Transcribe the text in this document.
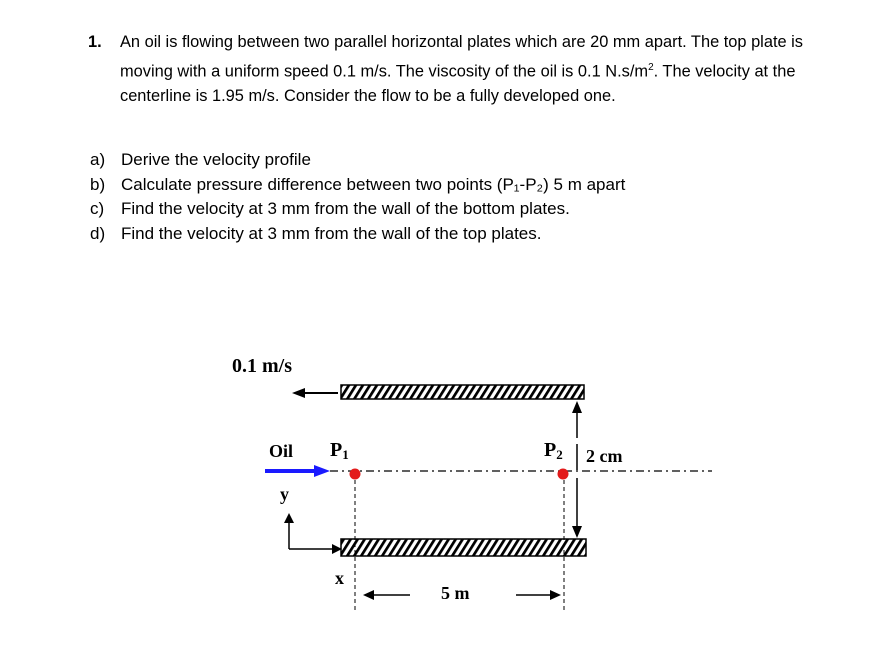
1. An oil is flowing between two parallel horizontal plates which are 20 mm apart. The top plate is moving with a uniform speed 0.1 m/s. The viscosity of the oil is 0.1 $N.s/m^2$. The velocity at the centerline is 1.95 m/s. Consider the flow to be a fully developed one.
a) Derive the velocity profile
b) Calculate pressure difference between two points (P₁-P₂) 5 m apart
c) Find the velocity at 3 mm from the wall of the bottom plates.
d) Find the velocity at 3 mm from the wall of the top plates.
0.1 m/s
Oil P1	P2 2 cm
y
x
5 m
